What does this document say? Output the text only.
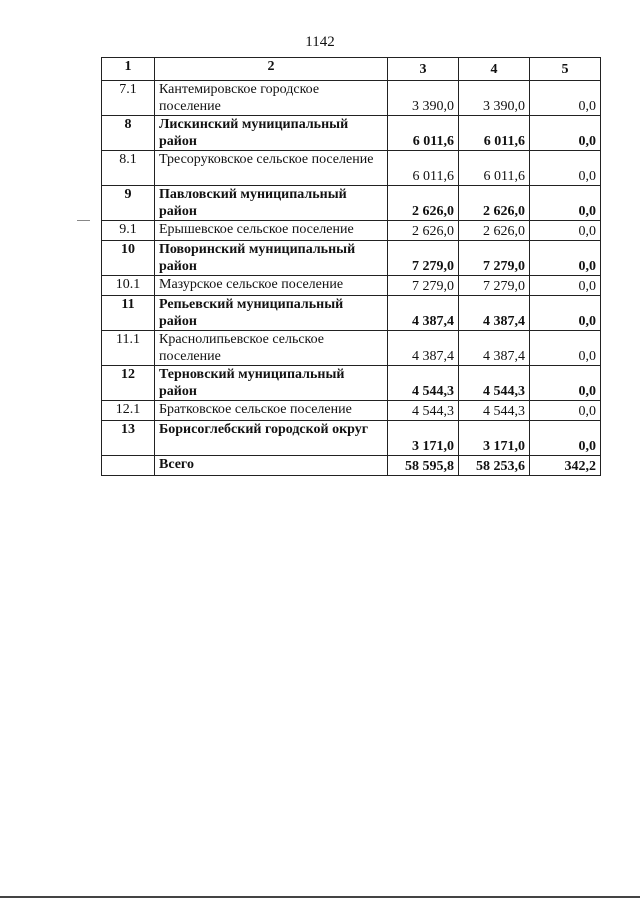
1142
1	2	3	4	5
7.1	Кантемировское городское поселение	3 390,0	3 390,0	0,0
8	Лискинский муниципальный район	6 011,6	6 011,6	0,0
8.1	Тресоруковское сельское поселение	6 011,6	6 011,6	0,0
9	Павловский муниципальный район	2 626,0	2 626,0	0,0
9.1	Ерышевское сельское поселение	2 626,0	2 626,0	0,0
10	Поворинский муниципальный район	7 279,0	7 279,0	0,0
10.1	Мазурское сельское поселение	7 279,0	7 279,0	0,0
11	Репьевский муниципальный район	4 387,4	4 387,4	0,0
11.1	Краснолипьевское сельское поселение	4 387,4	4 387,4	0,0
12	Терновский муниципальный район	4 544,3	4 544,3	0,0
12.1	Братковское сельское поселение	4 544,3	4 544,3	0,0
13	Борисоглебский городской округ	3 171,0	3 171,0	0,0
	Всего	58 595,8	58 253,6	342,2
